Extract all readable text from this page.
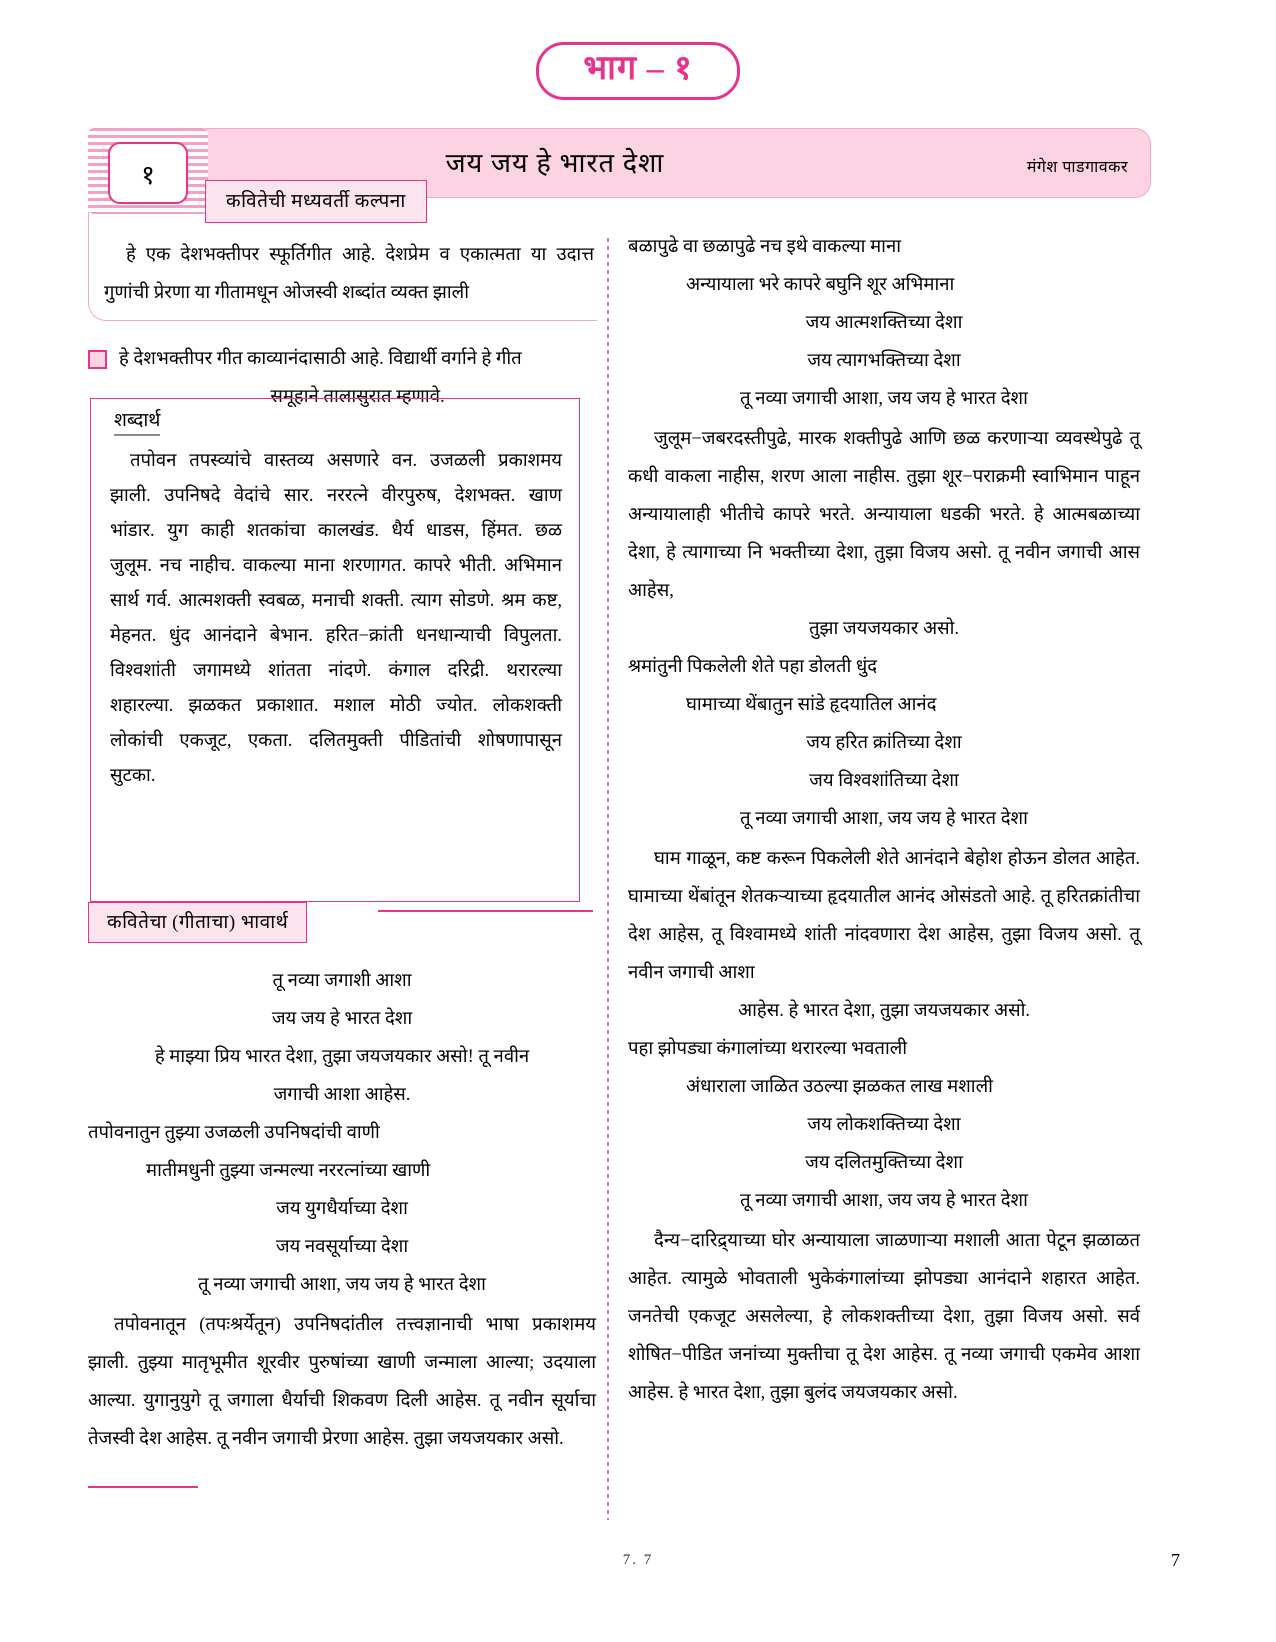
भाग – १
जय जय हे भारत देशा	मंगेश पाडगावकर
१
कवितेची मध्यवर्ती कल्पना
हे एक देशभक्तीपर स्फूर्तिगीत आहे. देशप्रेम व एकात्मता या उदात्त गुणांची प्रेरणा या गीतामधून ओजस्वी शब्दांत व्यक्त झाली
हे देशभक्तीपर गीत काव्यानंदासाठी आहे. विद्यार्थी वर्गाने हे गीत
समूहाने तालासुरात म्हणावे.
शब्दार्थ
तपोवन तपस्व्यांचे वास्तव्य असणारे वन. उजळली प्रकाशमय झाली. उपनिषदे वेदांचे सार. नररत्ने वीरपुरुष, देशभक्त. खाण भांडार. युग काही शतकांचा कालखंड. धैर्य धाडस, हिंमत. छळ जुलूम. नच नाहीच. वाकल्या माना शरणागत. कापरे भीती. अभिमान सार्थ गर्व. आत्मशक्ती स्वबळ, मनाची शक्ती. त्याग सोडणे. श्रम कष्ट, मेहनत. धुंद आनंदाने बेभान. हरित−क्रांती धनधान्याची विपुलता. विश्वशांती जगामध्ये शांतता नांदणे. कंगाल दरिद्री. थरारल्या शहारल्या. झळकत प्रकाशात. मशाल मोठी ज्योत. लोकशक्ती लोकांची एकजूट, एकता. दलितमुक्ती पीडितांची शोषणापासून सुटका.
कवितेचा (गीताचा) भावार्थ
तू नव्या जगाशी आशा
जय जय हे भारत देशा
हे माझ्या प्रिय भारत देशा, तुझा जयजयकार असो! तू नवीन
जगाची आशा आहेस.
तपोवनातुन तुझ्या उजळली उपनिषदांची वाणी
मातीमधुनी तुझ्या जन्मल्या नररत्नांच्या खाणी
जय युगधैर्याच्या देशा
जय नवसूर्याच्या देशा
तू नव्या जगाची आशा, जय जय हे भारत देशा
तपोवनातून (तपःश्रर्येतून) उपनिषदांतील तत्त्वज्ञानाची भाषा प्रकाशमय झाली. तुझ्या मातृभूमीत शूरवीर पुरुषांच्या खाणी जन्माला आल्या; उदयाला आल्या. युगानुयुगे तू जगाला धैर्याची शिकवण दिली आहेस. तू नवीन सूर्याचा तेजस्वी देश आहेस. तू नवीन जगाची प्रेरणा आहेस. तुझा जयजयकार असो.
बळापुढे वा छळापुढे नच इथे वाकल्या माना
अन्यायाला भरे कापरे बघुनि शूर अभिमाना
जय आत्मशक्तिच्या देशा
जय त्यागभक्तिच्या देशा
तू नव्या जगाची आशा, जय जय हे भारत देशा
जुलूम−जबरदस्तीपुढे, मारक शक्तीपुढे आणि छळ करणाऱ्या व्यवस्थेपुढे तू कधी वाकला नाहीस, शरण आला नाहीस. तुझा शूर−पराक्रमी स्वाभिमान पाहून अन्यायालाही भीतीचे कापरे भरते. अन्यायाला धडकी भरते. हे आत्मबळाच्या देशा, हे त्यागाच्या नि भक्तीच्या देशा, तुझा विजय असो. तू नवीन जगाची आस आहेस,
तुझा जयजयकार असो.
श्रमांतुनी पिकलेली शेते पहा डोलती धुंद
घामाच्या थेंबातुन सांडे हृदयातिल आनंद
जय हरित क्रांतिच्या देशा
जय विश्वशांतिच्या देशा
तू नव्या जगाची आशा, जय जय हे भारत देशा
घाम गाळून, कष्ट करून पिकलेली शेते आनंदाने बेहोश होऊन डोलत आहेत. घामाच्या थेंबांतून शेतकऱ्याच्या हृदयातील आनंद ओसंडतो आहे. तू हरितक्रांतीचा देश आहेस, तू विश्वामध्ये शांती नांदवणारा देश आहेस, तुझा विजय असो. तू नवीन जगाची आशा
आहेस. हे भारत देशा, तुझा जयजयकार असो.
पहा झोपड्या कंगालांच्या थरारल्या भवताली
अंधाराला जाळित उठल्या झळकत लाख मशाली
जय लोकशक्तिच्या देशा
जय दलितमुक्तिच्या देशा
तू नव्या जगाची आशा, जय जय हे भारत देशा
दैन्य−दारिद्र्याच्या घोर अन्यायाला जाळणाऱ्या मशाली आता पेटून झळाळत आहेत. त्यामुळे भोवताली भुकेकंगालांच्या झोपड्या आनंदाने शहारत आहेत. जनतेची एकजूट असलेल्या, हे लोकशक्तीच्या देशा, तुझा विजय असो. सर्व शोषित−पीडित जनांच्या मुक्तीचा तू देश आहेस. तू नव्या जगाची एकमेव आशा आहेस. हे भारत देशा, तुझा बुलंद जयजयकार असो.
7. 7	7
